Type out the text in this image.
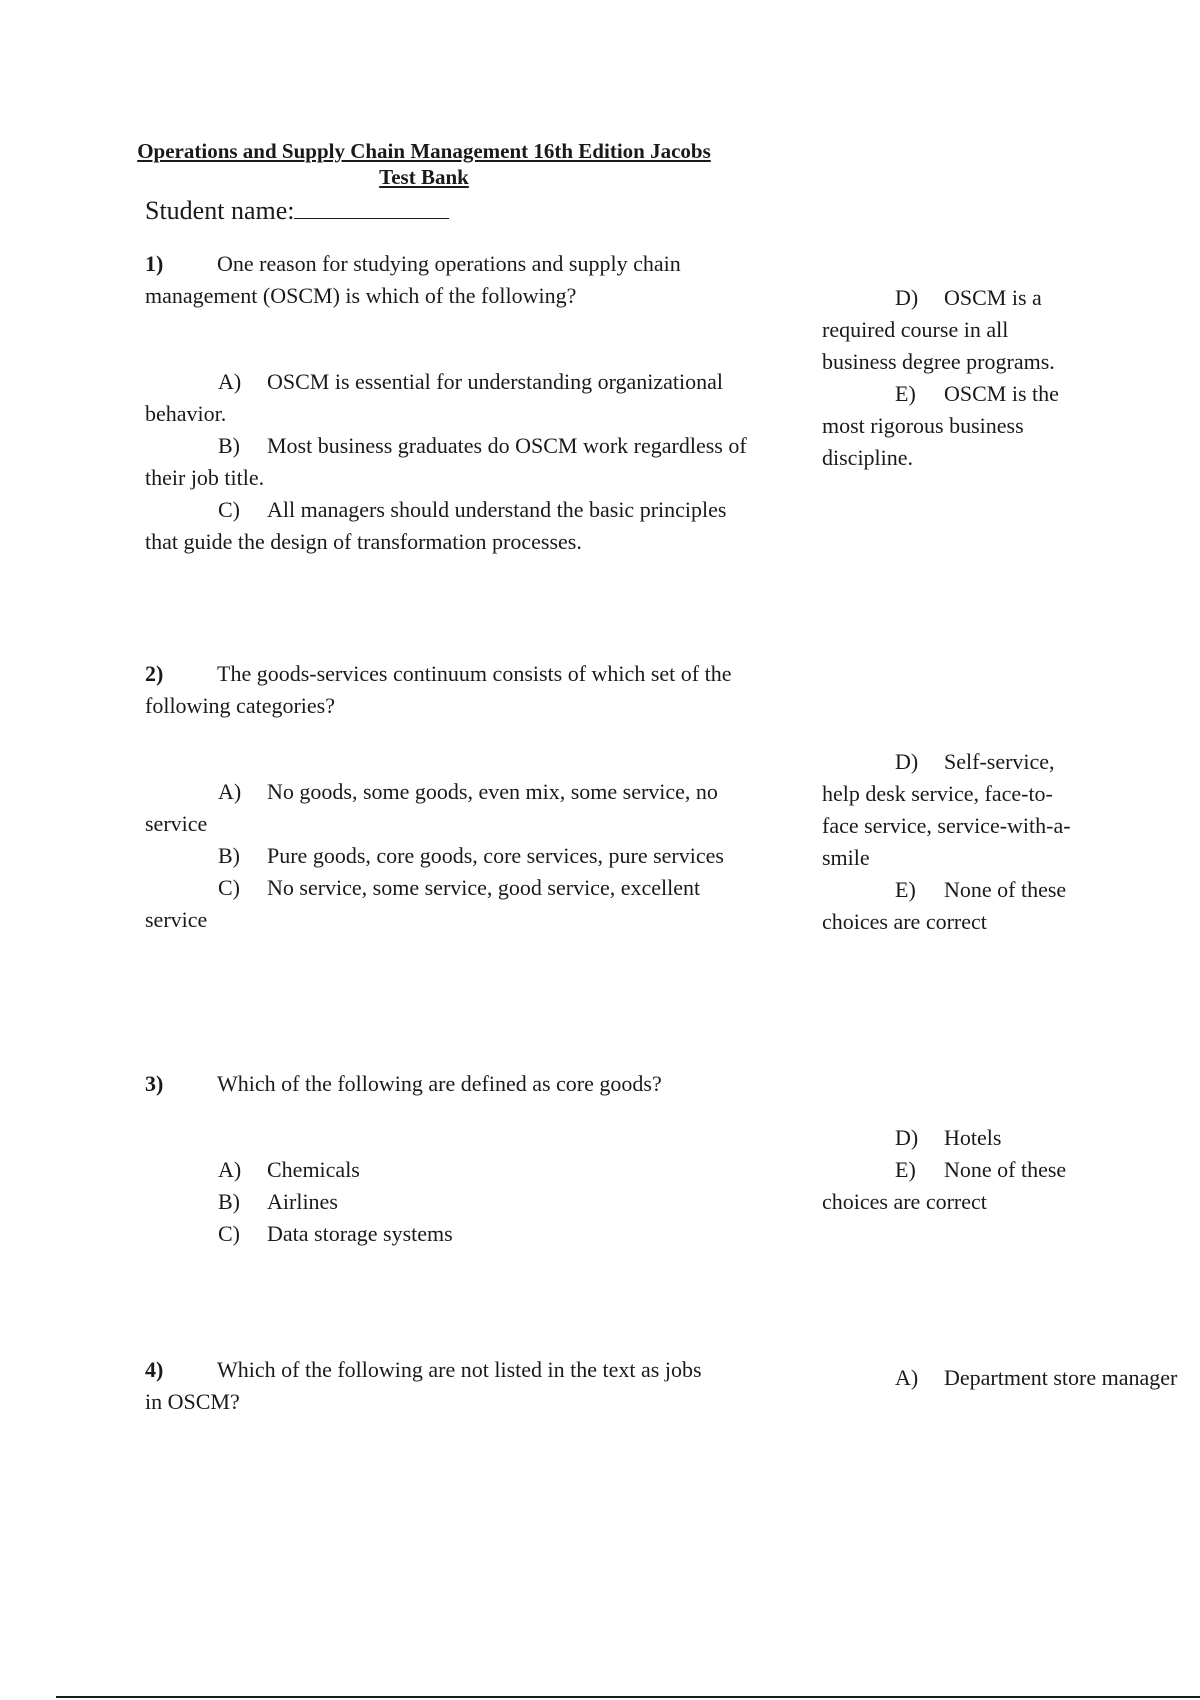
Operations and Supply Chain Management 16th Edition Jacobs
Test Bank
Student name:
1) One reason for studying operations and supply chain management (OSCM) is which of the following?
A) OSCM is essential for understanding organizational behavior.
B) Most business graduates do OSCM work regardless of their job title.
C) All managers should understand the basic principles that guide the design of transformation processes.
D) OSCM is a required course in all business degree programs.
E) OSCM is the most rigorous business discipline.
2) The goods-services continuum consists of which set of the following categories?
A) No goods, some goods, even mix, some service, no service
B) Pure goods, core goods, core services, pure services
C) No service, some service, good service, excellent service
D) Self-service, help desk service, face-to-face service, service-with-a-smile
E) None of these choices are correct
3) Which of the following are defined as core goods?
A) Chemicals
B) Airlines
C) Data storage systems
D) Hotels
E) None of these choices are correct
4) Which of the following are not listed in the text as jobs in OSCM?
A) Department store manager
